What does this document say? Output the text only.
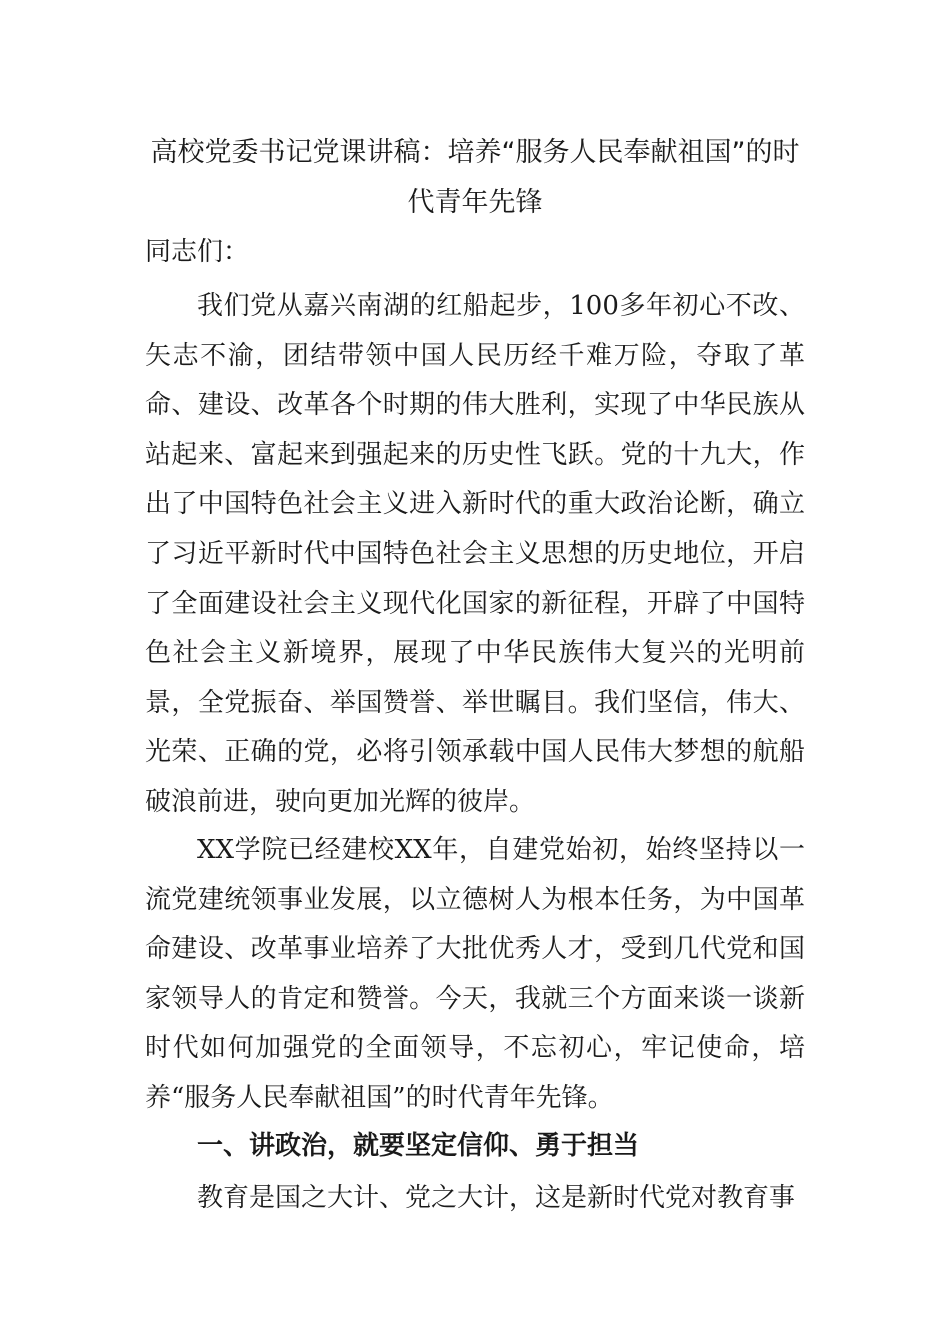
高校党委书记党课讲稿：培养“服务人民奉献祖国”的时代青年先锋

同志们：

我们党从嘉兴南湖的红船起步，100多年初心不改、矢志不渝，团结带领中国人民历经千难万险，夺取了革命、建设、改革各个时期的伟大胜利，实现了中华民族从站起来、富起来到强起来的历史性飞跃。党的十九大，作出了中国特色社会主义进入新时代的重大政治论断，确立了习近平新时代中国特色社会主义思想的历史地位，开启了全面建设社会主义现代化国家的新征程，开辟了中国特色社会主义新境界，展现了中华民族伟大复兴的光明前景，全党振奋、举国赞誉、举世瞩目。我们坚信，伟大、光荣、正确的党，必将引领承载中国人民伟大梦想的航船破浪前进，驶向更加光辉的彼岸。

XX学院已经建校XX年，自建党始初，始终坚持以一流党建统领事业发展，以立德树人为根本任务，为中国革命建设、改革事业培养了大批优秀人才，受到几代党和国家领导人的肯定和赞誉。今天，我就三个方面来谈一谈新时代如何加强党的全面领导，不忘初心，牢记使命，培养“服务人民奉献祖国”的时代青年先锋。

一、讲政治，就要坚定信仰、勇于担当

教育是国之大计、党之大计，这是新时代党对教育事
